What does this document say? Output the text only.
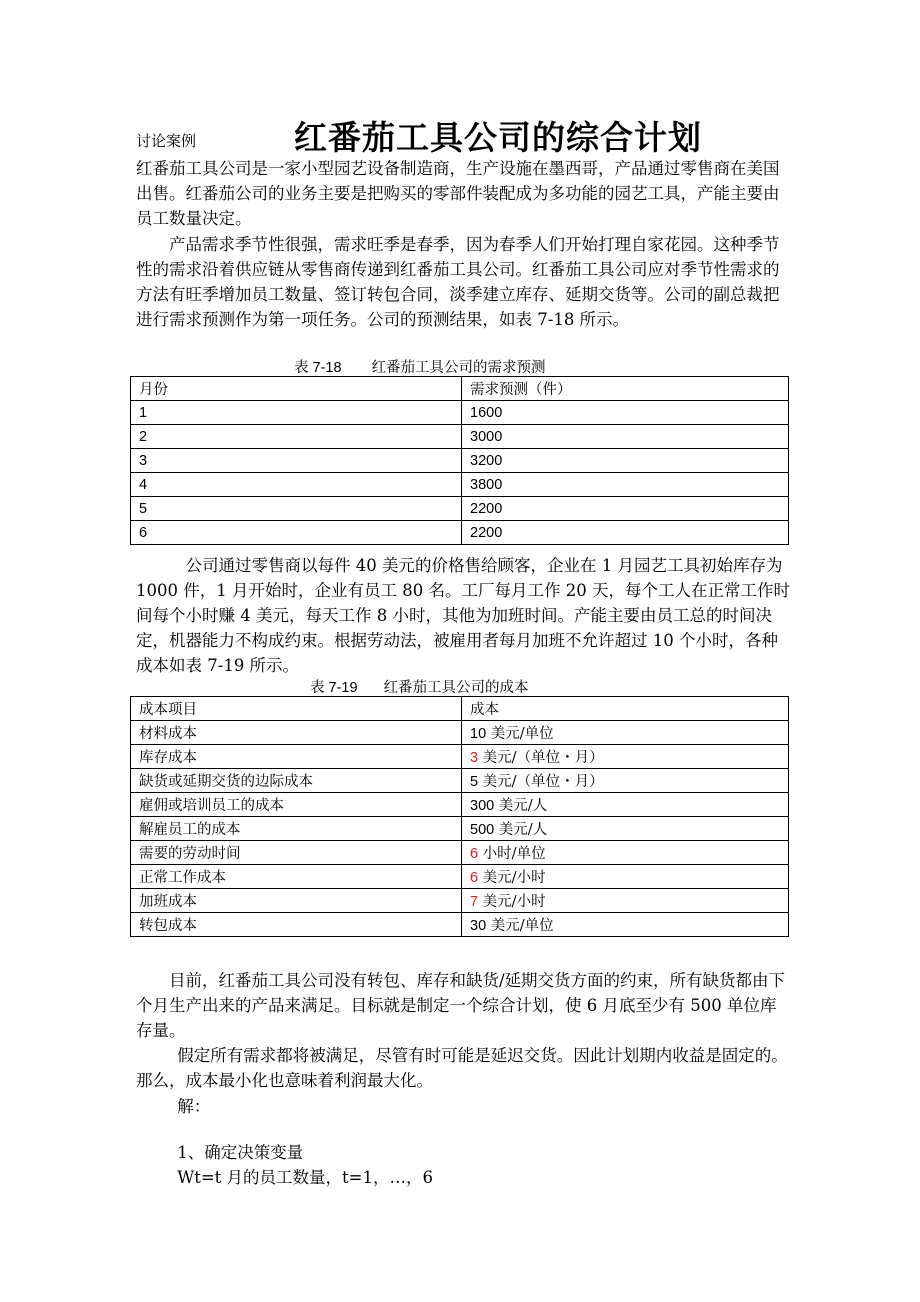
讨论案例	红番茄工具公司的综合计划

红番茄工具公司是一家小型园艺设备制造商，生产设施在墨西哥，产品通过零售商在美国出售。红番茄公司的业务主要是把购买的零部件装配成为多功能的园艺工具，产能主要由员工数量决定。

产品需求季节性很强，需求旺季是春季，因为春季人们开始打理自家花园。这种季节性的需求沿着供应链从零售商传递到红番茄工具公司。红番茄工具公司应对季节性需求的方法有旺季增加员工数量、签订转包合同，淡季建立库存、延期交货等。公司的副总裁把进行需求预测作为第一项任务。公司的预测结果，如表 7-18 所示。

表 7-18 红番茄工具公司的需求预测
月份	需求预测（件）
1	1600
2	3000
3	3200
4	3800
5	2200
6	2200

公司通过零售商以每件 40 美元的价格售给顾客，企业在 1 月园艺工具初始库存为 1000 件，1 月开始时，企业有员工 80 名。工厂每月工作 20 天，每个工人在正常工作时间每个小时赚 4 美元，每天工作 8 小时，其他为加班时间。产能主要由员工总的时间决定，机器能力不构成约束。根据劳动法，被雇用者每月加班不允许超过 10 个小时，各种成本如表 7-19 所示。

表 7-19 红番茄工具公司的成本
成本项目	成本
材料成本	10 美元/单位
库存成本	3 美元/（单位・月）
缺货或延期交货的边际成本	5 美元/（单位・月）
雇佣或培训员工的成本	300 美元/人
解雇员工的成本	500 美元/人
需要的劳动时间	6 小时/单位
正常工作成本	6 美元/小时
加班成本	7 美元/小时
转包成本	30 美元/单位

目前，红番茄工具公司没有转包、库存和缺货/延期交货方面的约束，所有缺货都由下个月生产出来的产品来满足。目标就是制定一个综合计划，使 6 月底至少有 500 单位库存量。

假定所有需求都将被满足，尽管有时可能是延迟交货。因此计划期内收益是固定的。那么，成本最小化也意味着利润最大化。

解：

1、确定决策变量

Wt=t 月的员工数量，t=1，…，6
